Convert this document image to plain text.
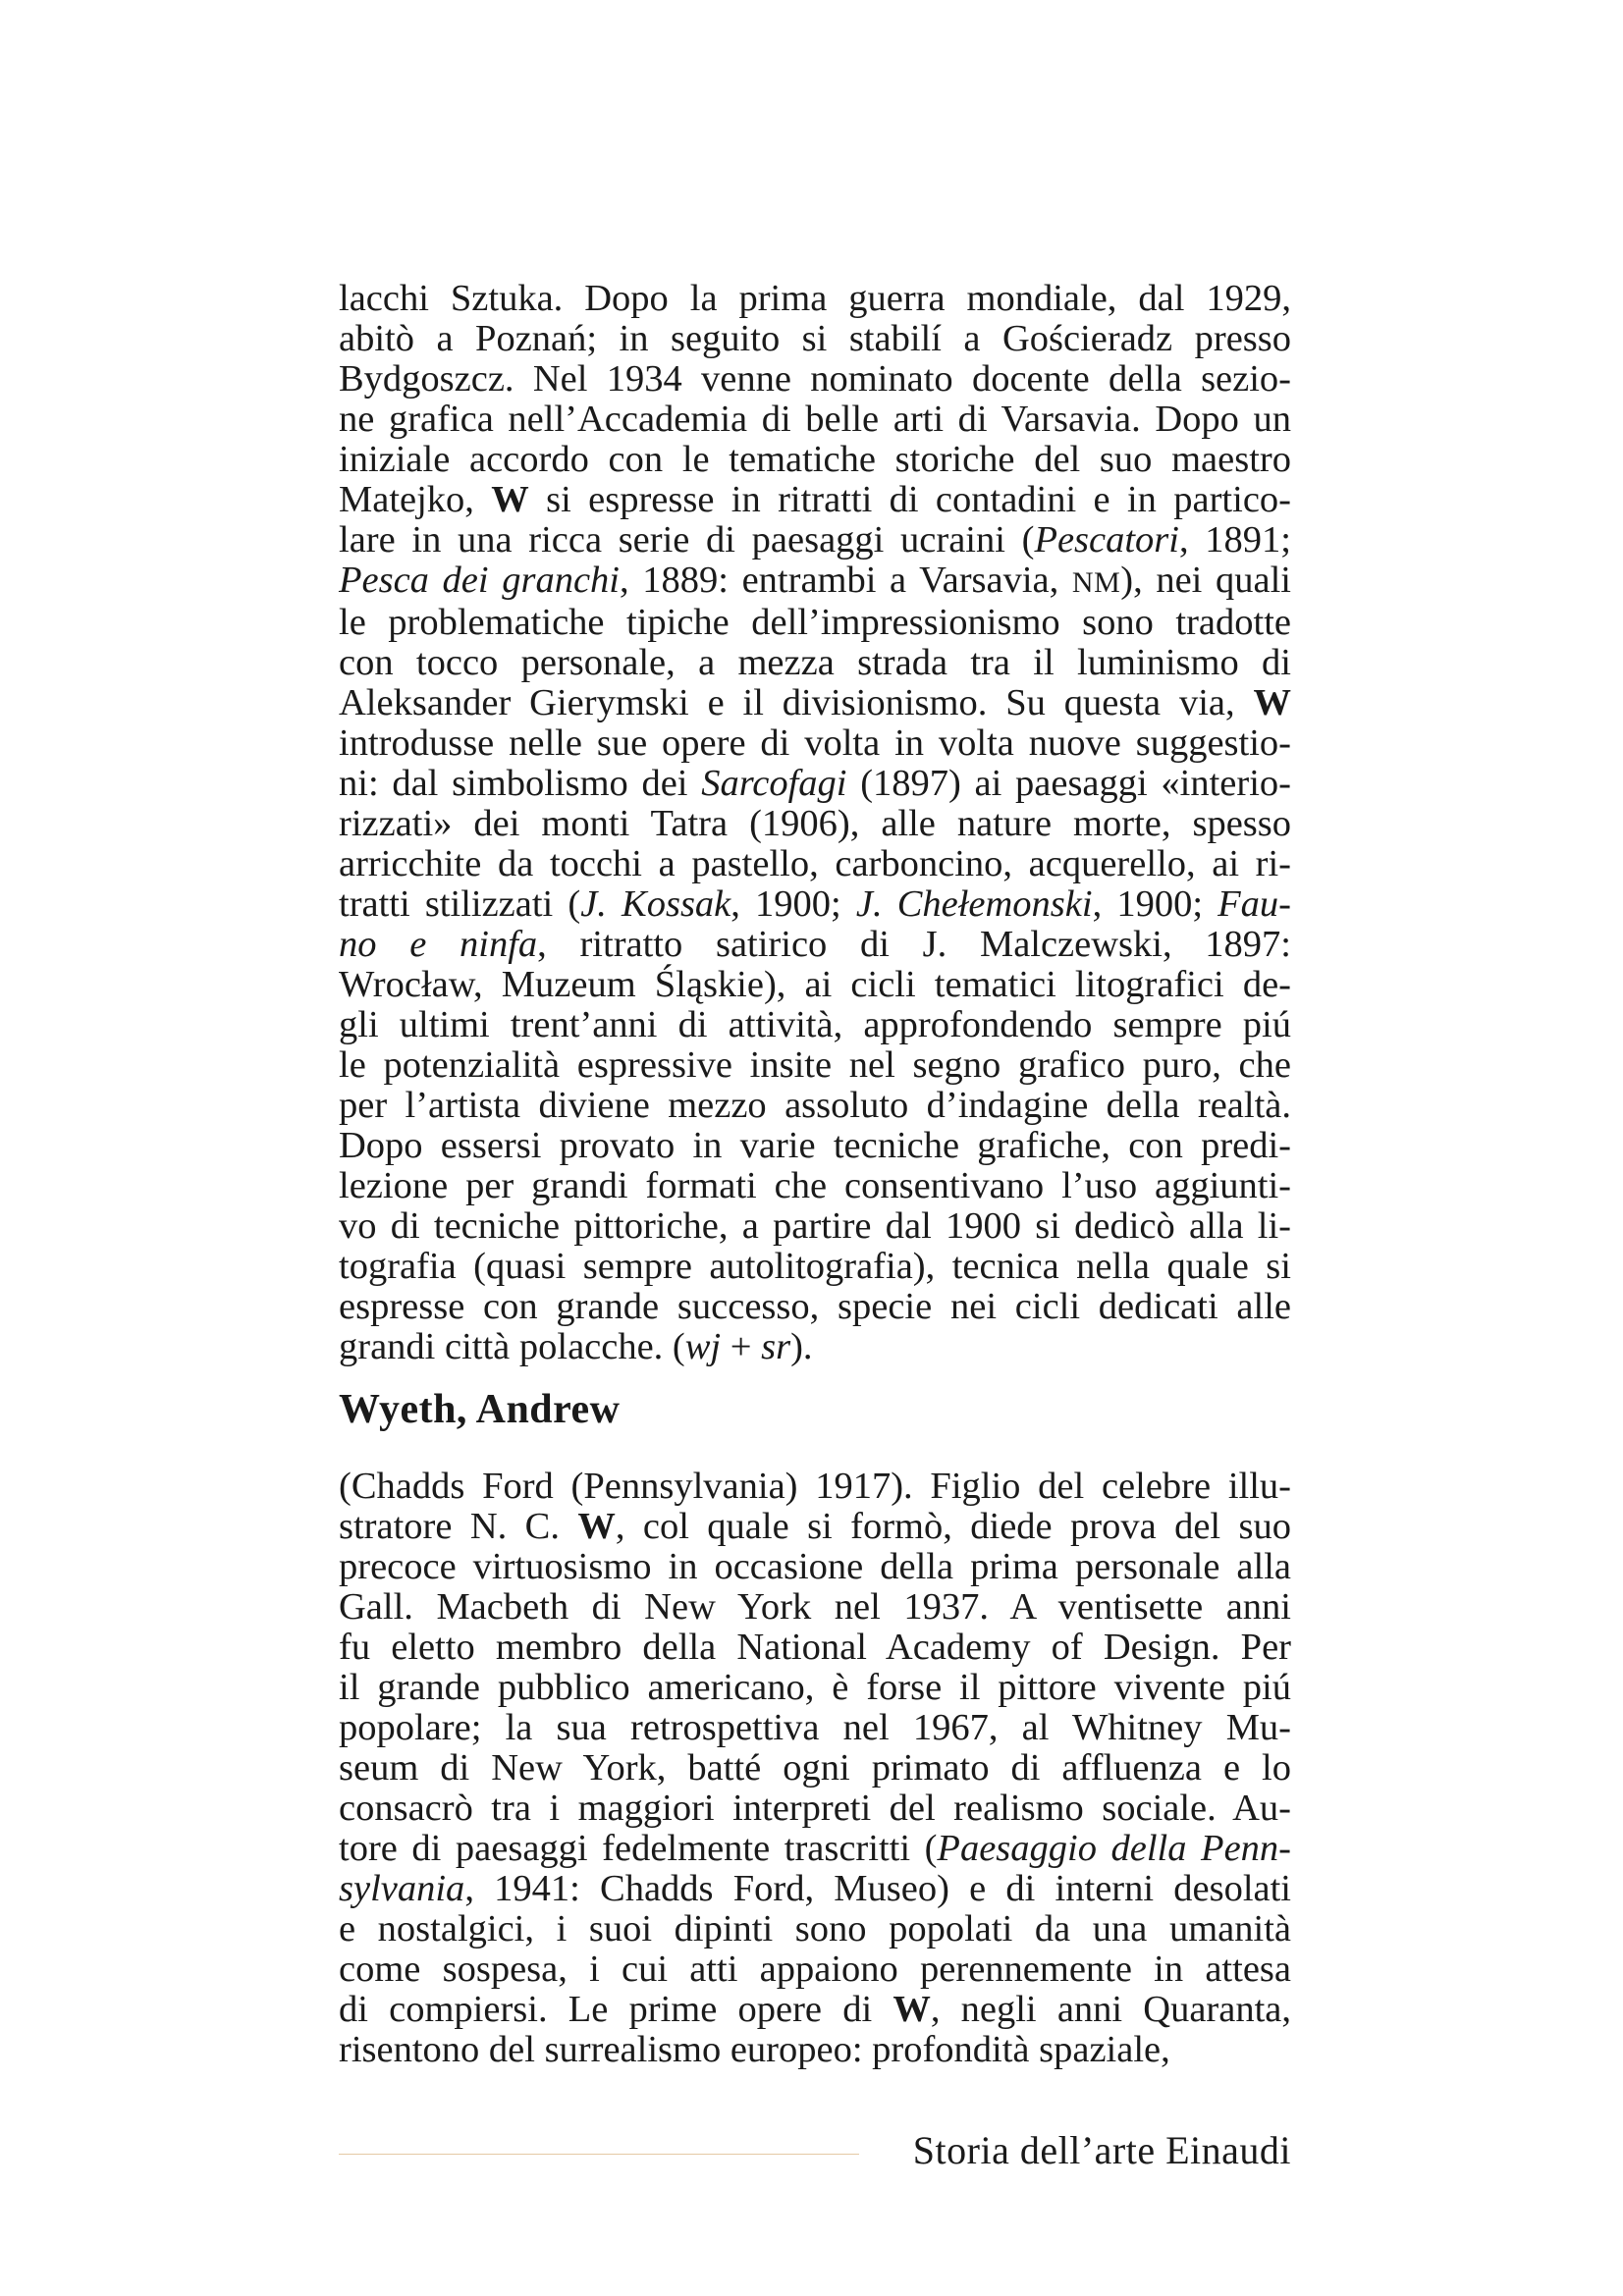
lacchi Sztuka. Dopo la prima guerra mondiale, dal 1929,
abitò a Poznań; in seguito si stabilí a Gościeradz presso
Bydgoszcz. Nel 1934 venne nominato docente della sezio-
ne grafica nell’Accademia di belle arti di Varsavia. Dopo un
iniziale accordo con le tematiche storiche del suo maestro
Matejko, W si espresse in ritratti di contadini e in partico-
lare in una ricca serie di paesaggi ucraini (Pescatori, 1891;
Pesca dei granchi, 1889: entrambi a Varsavia, NM), nei quali
le problematiche tipiche dell’impressionismo sono tradotte
con tocco personale, a mezza strada tra il luminismo di
Aleksander Gierymski e il divisionismo. Su questa via, W
introdusse nelle sue opere di volta in volta nuove suggestio-
ni: dal simbolismo dei Sarcofagi (1897) ai paesaggi «interio-
rizzati» dei monti Tatra (1906), alle nature morte, spesso
arricchite da tocchi a pastello, carboncino, acquerello, ai ri-
tratti stilizzati (J. Kossak, 1900; J. Chełemonski, 1900; Fau-
no e ninfa, ritratto satirico di J. Malczewski, 1897:
Wrocław, Muzeum Śląskie), ai cicli tematici litografici de-
gli ultimi trent’anni di attività, approfondendo sempre piú
le potenzialità espressive insite nel segno grafico puro, che
per l’artista diviene mezzo assoluto d’indagine della realtà.
Dopo essersi provato in varie tecniche grafiche, con predi-
lezione per grandi formati che consentivano l’uso aggiunti-
vo di tecniche pittoriche, a partire dal 1900 si dedicò alla li-
tografia (quasi sempre autolitografia), tecnica nella quale si
espresse con grande successo, specie nei cicli dedicati alle
grandi città polacche. (wj + sr).
Wyeth, Andrew
(Chadds Ford (Pennsylvania) 1917). Figlio del celebre illu-
stratore N. C. W, col quale si formò, diede prova del suo
precoce virtuosismo in occasione della prima personale alla
Gall. Macbeth di New York nel 1937. A ventisette anni
fu eletto membro della National Academy of Design. Per
il grande pubblico americano, è forse il pittore vivente piú
popolare; la sua retrospettiva nel 1967, al Whitney Mu-
seum di New York, batté ogni primato di affluenza e lo
consacrò tra i maggiori interpreti del realismo sociale. Au-
tore di paesaggi fedelmente trascritti (Paesaggio della Penn-
sylvania, 1941: Chadds Ford, Museo) e di interni desolati
e nostalgici, i suoi dipinti sono popolati da una umanità
come sospesa, i cui atti appaiono perennemente in attesa
di compiersi. Le prime opere di W, negli anni Quaranta,
risentono del surrealismo europeo: profondità spaziale,
Storia dell’arte Einaudi
